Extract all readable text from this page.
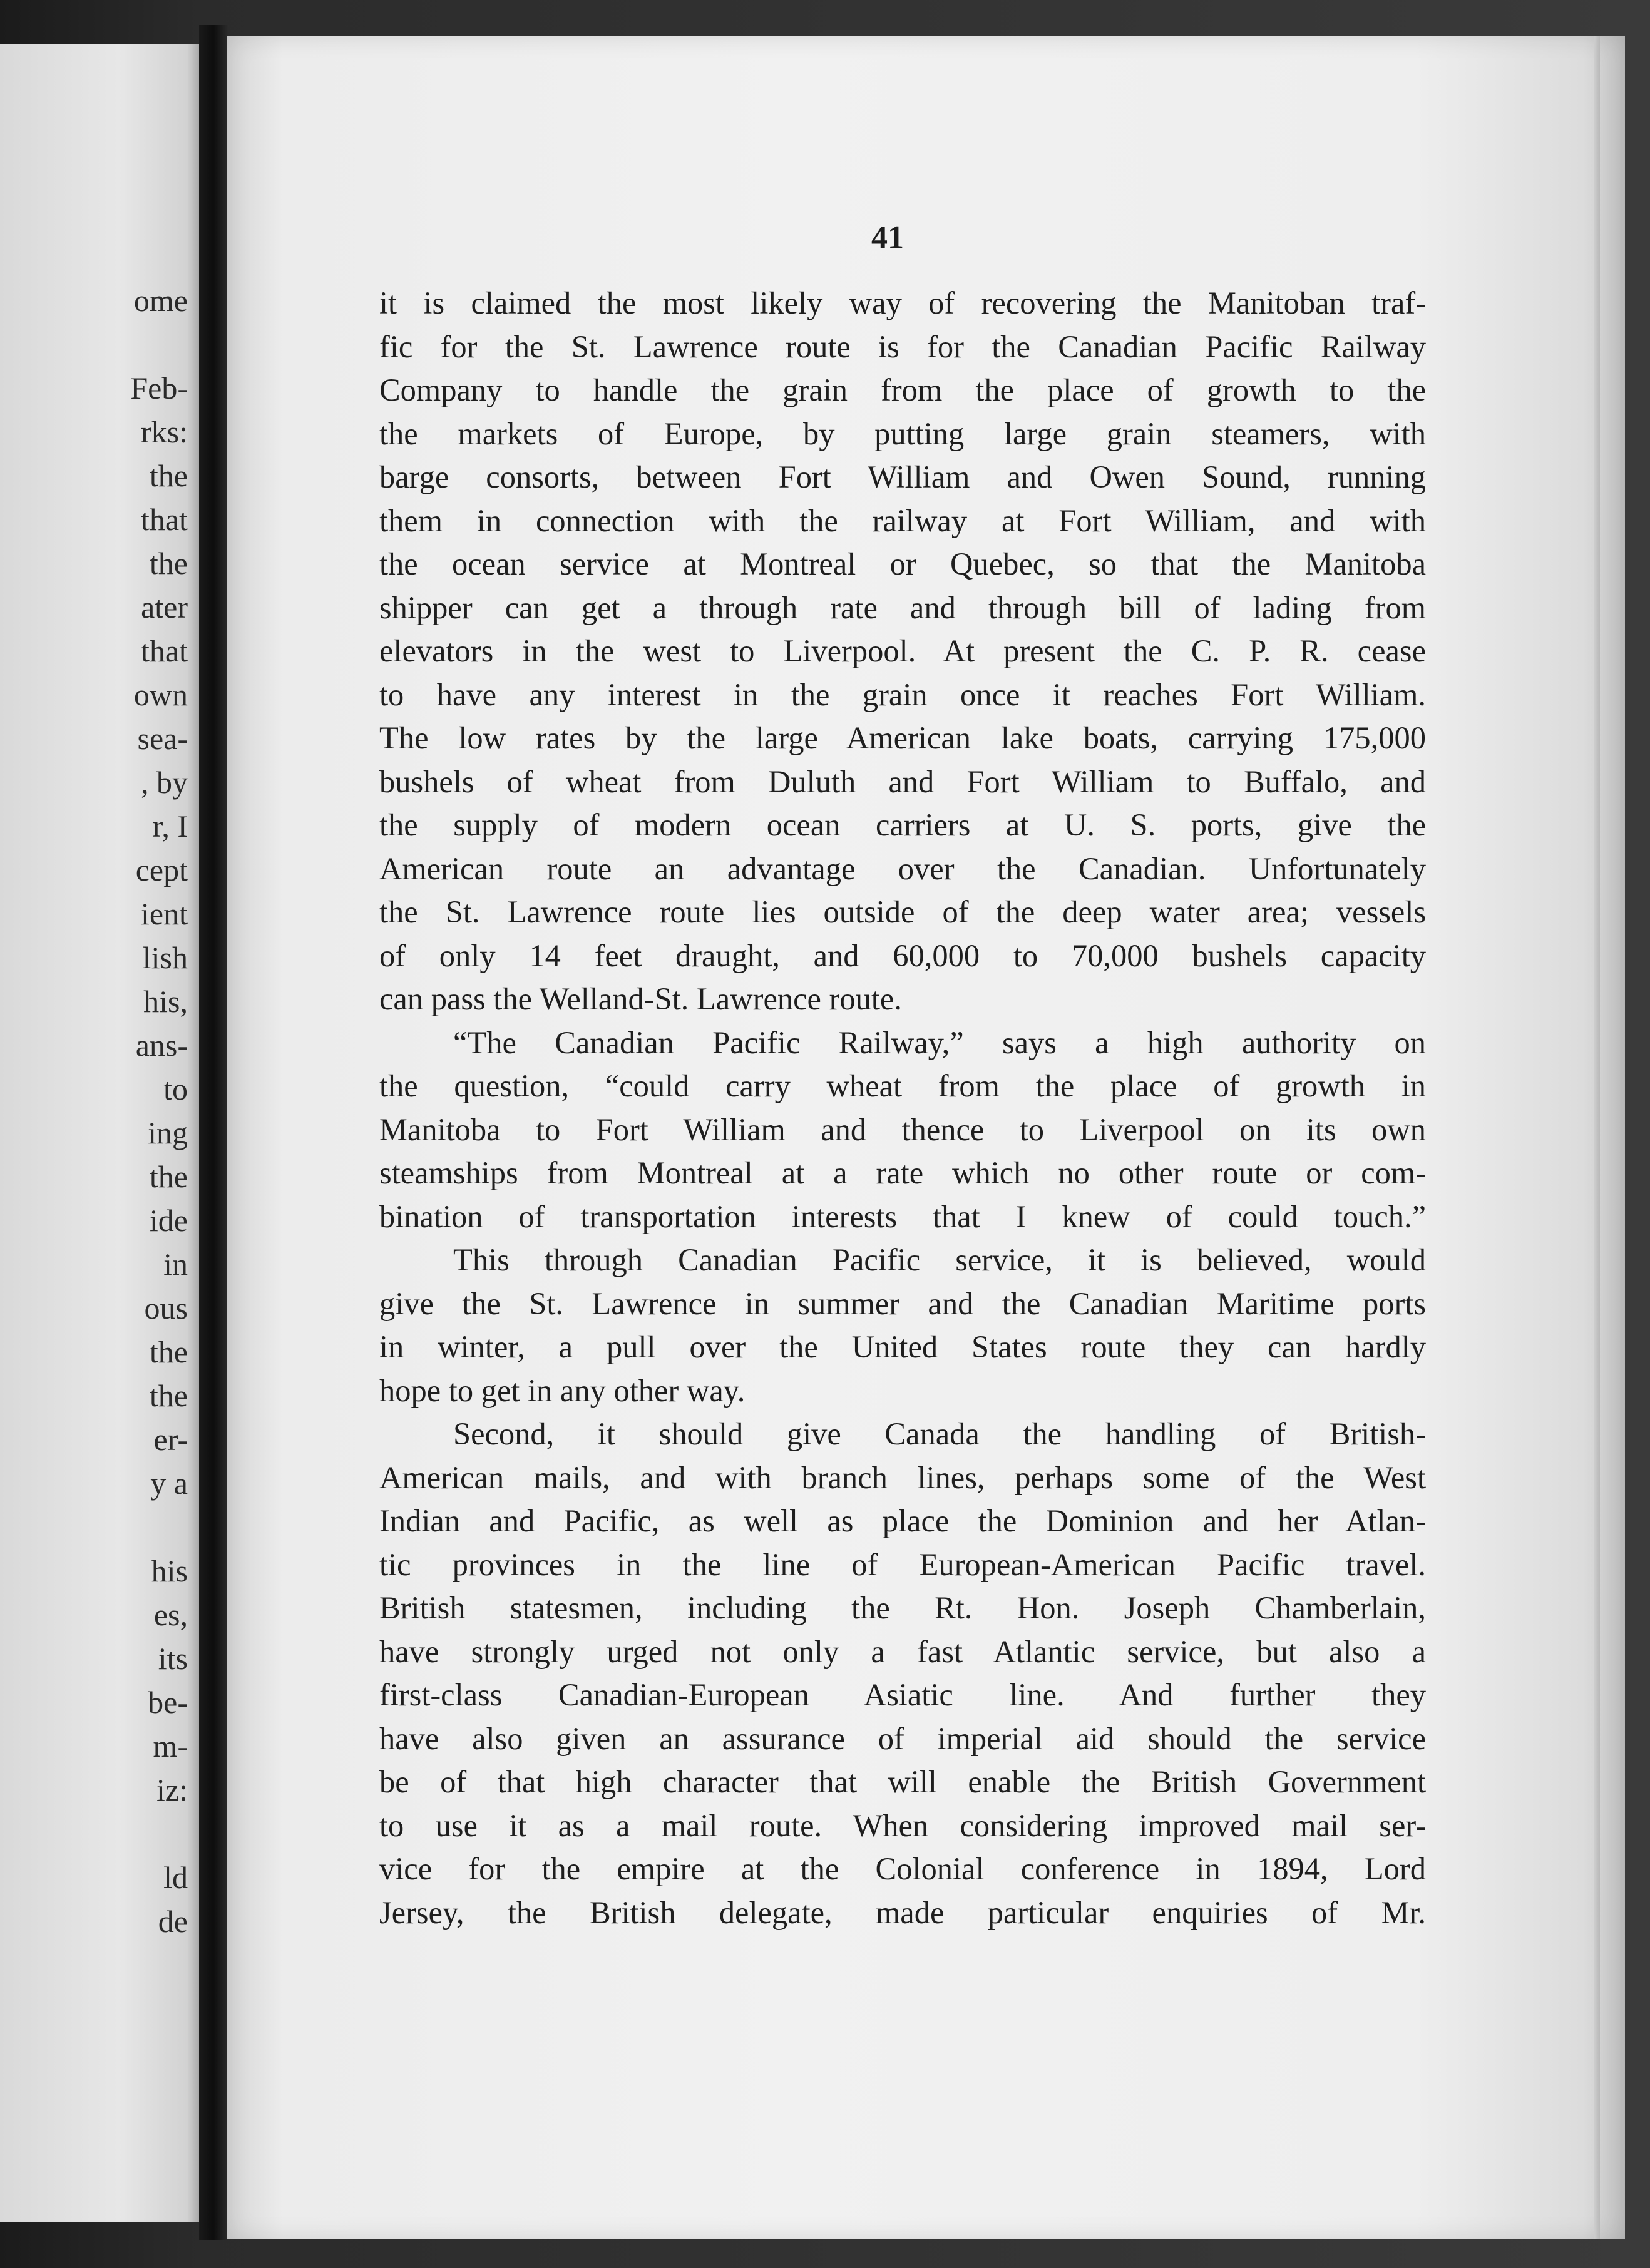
ome
Feb-
rks:
the
that
the
ater
that
own
sea-
, by
r, I
cept
ient
lish
his,
ans-
to
ing
the
ide
in
ous
the
the
er-
y a
his
es,
its
be-
m-
iz:
ld
de
41
it is claimed the most likely way of recovering the Manitoban traf-
fic for the St. Lawrence route is for the Canadian Pacific Railway
Company to handle the grain from the place of growth to the
the markets of Europe, by putting large grain steamers, with
barge consorts, between Fort William and Owen Sound, running
them in connection with the railway at Fort William, and with
the ocean service at Montreal or Quebec, so that the Manitoba
shipper can get a through rate and through bill of lading from
elevators in the west to Liverpool. At present the C. P. R. cease
to have any interest in the grain once it reaches Fort William.
The low rates by the large American lake boats, carrying 175,000
bushels of wheat from Duluth and Fort William to Buffalo, and
the supply of modern ocean carriers at U. S. ports, give the
American route an advantage over the Canadian. Unfortunately
the St. Lawrence route lies outside of the deep water area; vessels
of only 14 feet draught, and 60,000 to 70,000 bushels capacity
can pass the Welland-St. Lawrence route.
“The Canadian Pacific Railway,” says a high authority on
the question, “could carry wheat from the place of growth in
Manitoba to Fort William and thence to Liverpool on its own
steamships from Montreal at a rate which no other route or com-
bination of transportation interests that I knew of could touch.”
This through Canadian Pacific service, it is believed, would
give the St. Lawrence in summer and the Canadian Maritime ports
in winter, a pull over the United States route they can hardly
hope to get in any other way.
Second, it should give Canada the handling of British-
American mails, and with branch lines, perhaps some of the West
Indian and Pacific, as well as place the Dominion and her Atlan-
tic provinces in the line of European-American Pacific travel.
British statesmen, including the Rt. Hon. Joseph Chamberlain,
have strongly urged not only a fast Atlantic service, but also a
first-class Canadian-European Asiatic line. And further they
have also given an assurance of imperial aid should the service
be of that high character that will enable the British Government
to use it as a mail route. When considering improved mail ser-
vice for the empire at the Colonial conference in 1894, Lord
Jersey, the British delegate, made particular enquiries of Mr.
